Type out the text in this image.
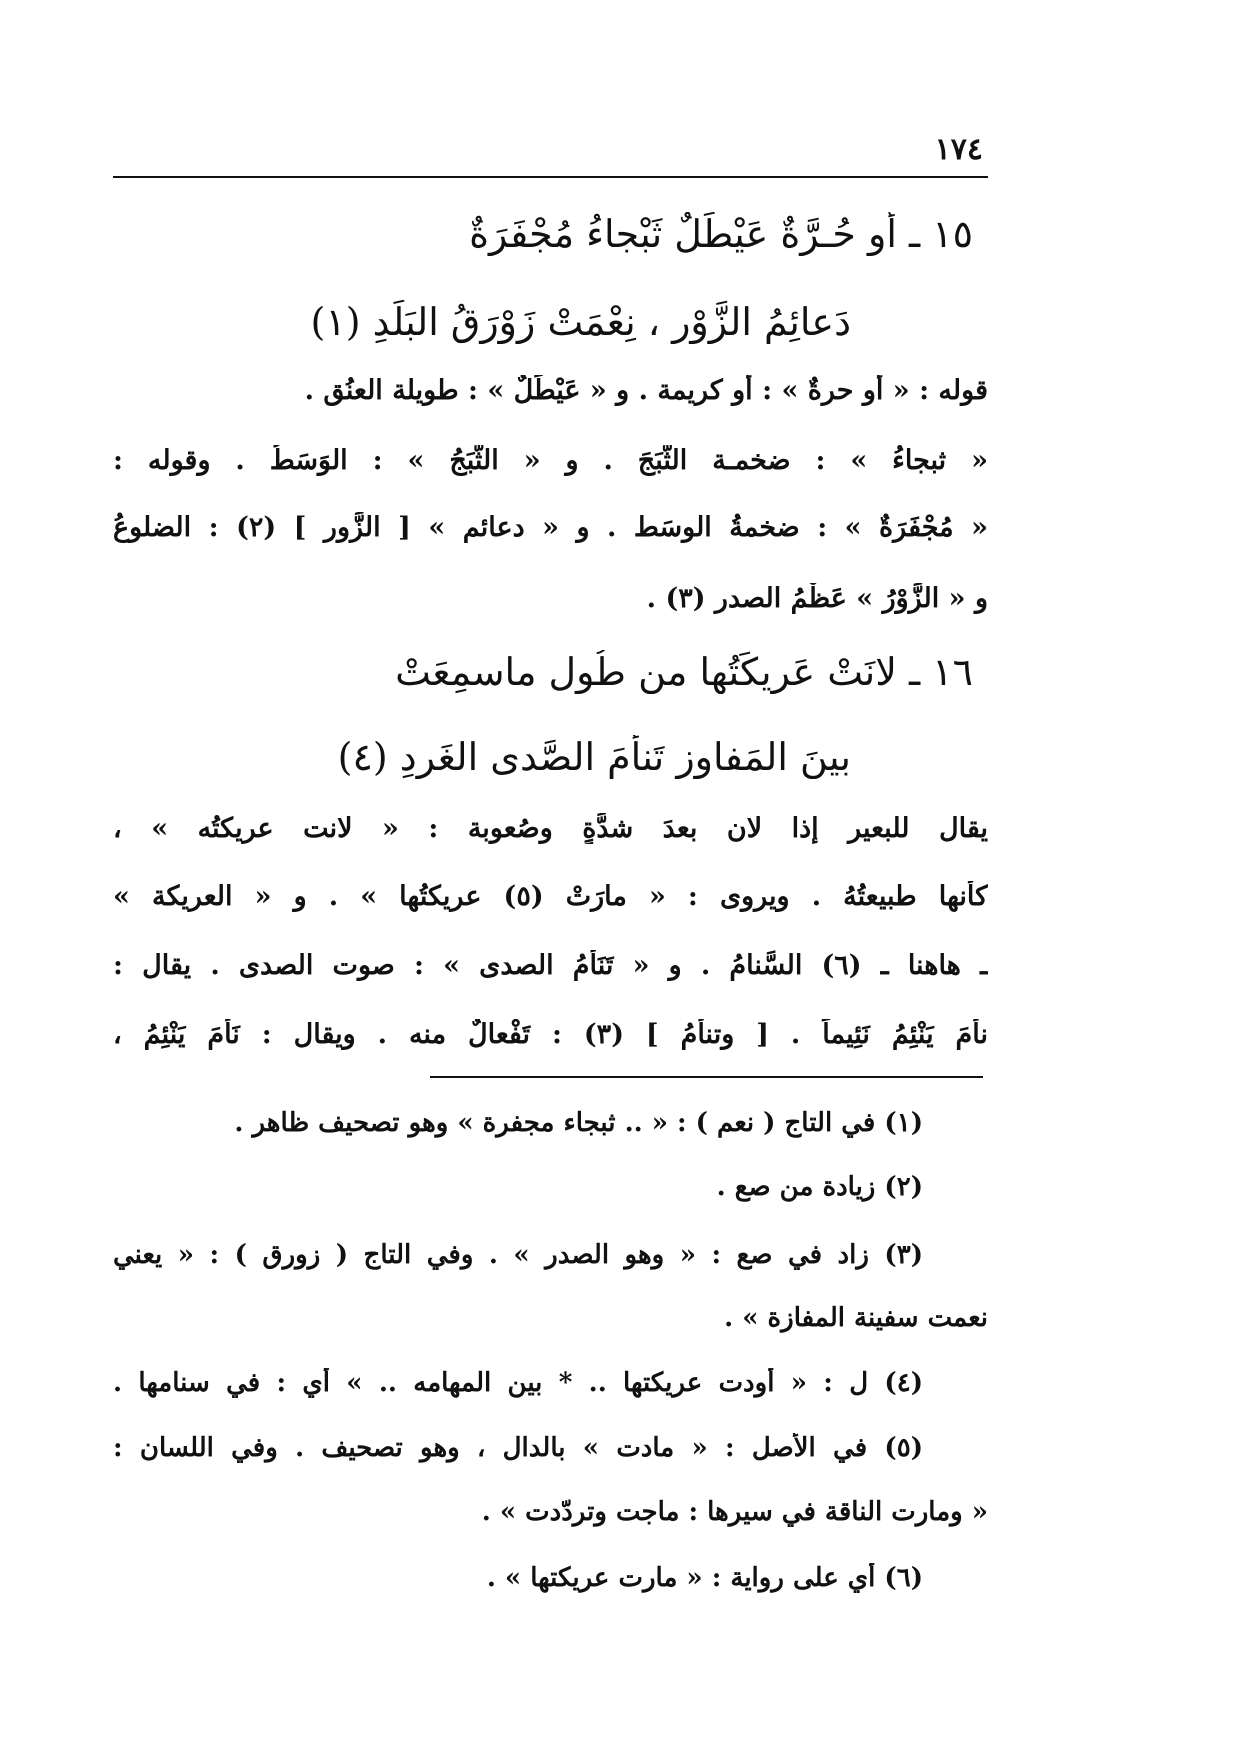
١٧٤
١٥ ـ أو حُـرَّةٌ عَيْطَلٌ ثَبْجاءُ مُجْفَرَةٌ
دَعائِمُ الزَّوْرِ ، نِعْمَتْ زَوْرَقُ البَلَدِ (١)
قوله : « أو حرةٌ » : أو كريمة . و « عَيْطَلٌ » : طويلة العنُق .
« ثبجاءُ » : ضخمـة الثَّبَجَ . و « الثَّبَجُ » : الوَسَطُ . وقوله :
« مُجْفَرَةٌ » : ضخمةُ الوسَط . و « دعائم » [ الزَّور ] (٢) : الضلوعُ
و « الزَّوْرُ » عَظْمُ الصدر (٣) .
١٦ ـ لانَتْ عَرِيكَتُها من طُولِ ماسمِعَتْ
بينَ المَفاوِزِ تَنأَمَ الصَّدى الغَرِدِ (٤)
يقال للبعير إذا لان بعدَ شدَّةٍ وصُعوبة : « لانت عريكتُه » ،
كأنها طبيعتُهُ . ويروى : « مارَتْ (٥) عريكتُها » . و « العريكة »
ـ هاهنا ـ (٦) السَّنامُ . و « تَنَأّمُ الصدى » : صوت الصدى . يقال :
نأمَ يَنْئِمُ نَئِيماً . [ وتنأَمُ ] (٣) : تَفْعالٌ منه . ويقال : نَأَمَ يَنْئِمُ ،
(١) في التاج ( نعم ) : « .. ثبجاء مجفرة » وهو تصحيف ظاهر .
(٢) زيادة من صع .
(٣) زاد في صع : « وهو الصدر » . وفي التاج ( زورق ) : « يعني
نعمت سفينة المفازة » .
(٤) ل : « أودت عريكتها .. * بين المهامه .. » أي : في سنامها .
(٥) في الأصل : « مادت » بالدال ، وهو تصحيف . وفي اللسان :
« ومارت الناقة في سيرها : ماجت وتردّدت » .
(٦) أي على رواية : « مارت عريكتها » .
